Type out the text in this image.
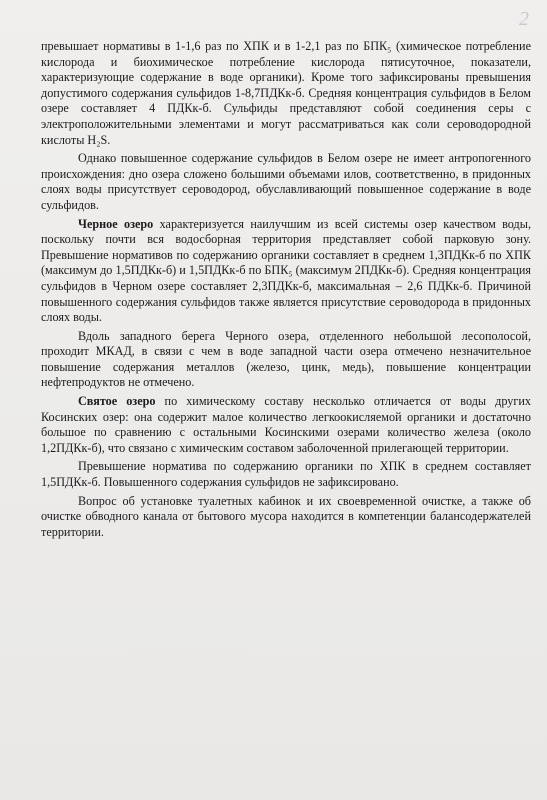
2

превышает нормативы в 1-1,6 раз по ХПК и в 1-2,1 раз по БПК₅ (химическое потребление кислорода и биохимическое потребление кислорода пятисуточное, показатели, характеризующие содержание в воде органики). Кроме того зафиксированы превышения допустимого содержания сульфидов 1-8,7ПДКк-б. Средняя концентрация сульфидов в Белом озере составляет 4 ПДКк-б. Сульфиды представляют собой соединения серы с электроположительными элементами и могут рассматриваться как соли сероводородной кислоты H₂S.

Однако повышенное содержание сульфидов в Белом озере не имеет антропогенного происхождения: дно озера сложено большими объемами илов, соответственно, в придонных слоях воды присутствует сероводород, обуславливающий повышенное содержание в воде сульфидов.

Черное озеро характеризуется наилучшим из всей системы озер качеством воды, поскольку почти вся водосборная территория представляет собой парковую зону. Превышение нормативов по содержанию органики составляет в среднем 1,3ПДКк-б по ХПК (максимум до 1,5ПДКк-б) и 1,5ПДКк-б по БПК₅ (максимум 2ПДКк-б). Средняя концентрация сульфидов в Черном озере составляет 2,3ПДКк-б, максимальная – 2,6 ПДКк-б. Причиной повышенного содержания сульфидов также является присутствие сероводорода в придонных слоях воды.

Вдоль западного берега Черного озера, отделенного небольшой лесополосой, проходит МКАД, в связи с чем в воде западной части озера отмечено незначительное повышение содержания металлов (железо, цинк, медь), повышение концентрации нефтепродуктов не отмечено.

Святое озеро по химическому составу несколько отличается от воды других Косинских озер: она содержит малое количество легкоокисляемой органики и достаточно большое по сравнению с остальными Косинскими озерами количество железа (около 1,2ПДКк-б), что связано с химическим составом заболоченной прилегающей территории.

Превышение норматива по содержанию органики по ХПК в среднем составляет 1,5ПДКк-б. Повышенного содержания сульфидов не зафиксировано.

Вопрос об установке туалетных кабинок и их своевременной очистке, а также об очистке обводного канала от бытового мусора находится в компетенции балансодержателей территории.
